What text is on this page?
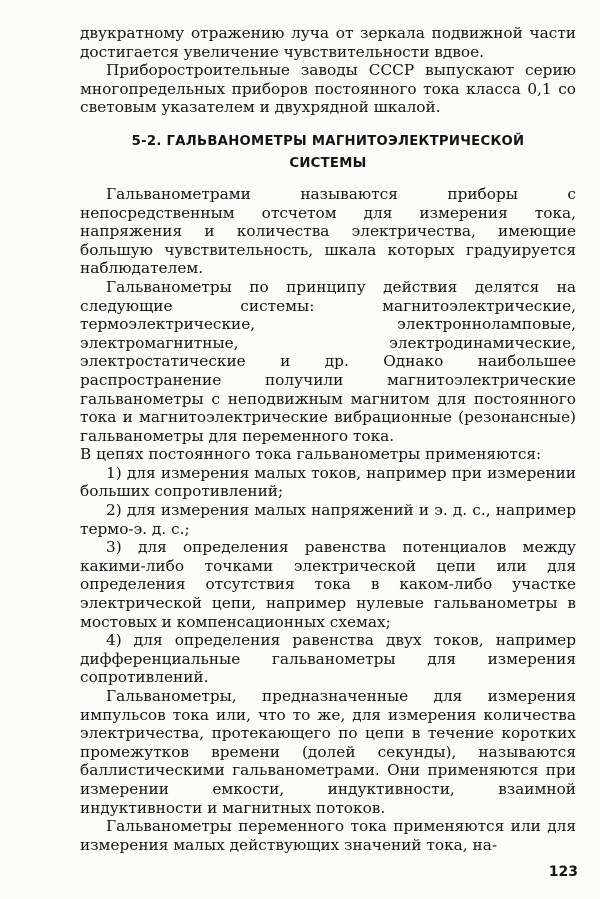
двукратному отражению луча от зеркала подвижной части достигается увеличение чувствительности вдвое.

Приборостроительные заводы СССР выпускают серию многопредельных приборов постоянного тока класса 0,1 со световым указателем и двухрядной шкалой.

5-2. ГАЛЬВАНОМЕТРЫ МАГНИТОЭЛЕКТРИЧЕСКОЙ
СИСТЕМЫ

Гальванометрами называются приборы с непосредственным отсчетом для измерения тока, напряжения и количества электричества, имеющие большую чувствительность, шкала которых градуируется наблюдателем.

Гальванометры по принципу действия делятся на следующие системы: магнитоэлектрические, термоэлектрические, электронноламповые, электромагнитные, электродинамические, электростатические и др. Однако наибольшее распространение получили магнитоэлектрические гальванометры с неподвижным магнитом для постоянного тока и магнитоэлектрические вибрационные (резонансные) гальванометры для переменного тока.

В цепях постоянного тока гальванометры применяются:

1) для измерения малых токов, например при измерении больших сопротивлений;

2) для измерения малых напряжений и э. д. с., например термо-э. д. с.;

3) для определения равенства потенциалов между какими-либо точками электрической цепи или для определения отсутствия тока в каком-либо участке электрической цепи, например нулевые гальванометры в мостовых и компенсационных схемах;

4) для определения равенства двух токов, например дифференциальные гальванометры для измерения сопротивлений.

Гальванометры, предназначенные для измерения импульсов тока или, что то же, для измерения количества электричества, протекающего по цепи в течение коротких промежутков времени (долей секунды), называются баллистическими гальванометрами. Они применяются при измерении емкости, индуктивности, взаимной индуктивности и магнитных потоков.

Гальванометры переменного тока применяются или для измерения малых действующих значений тока, на-

123
